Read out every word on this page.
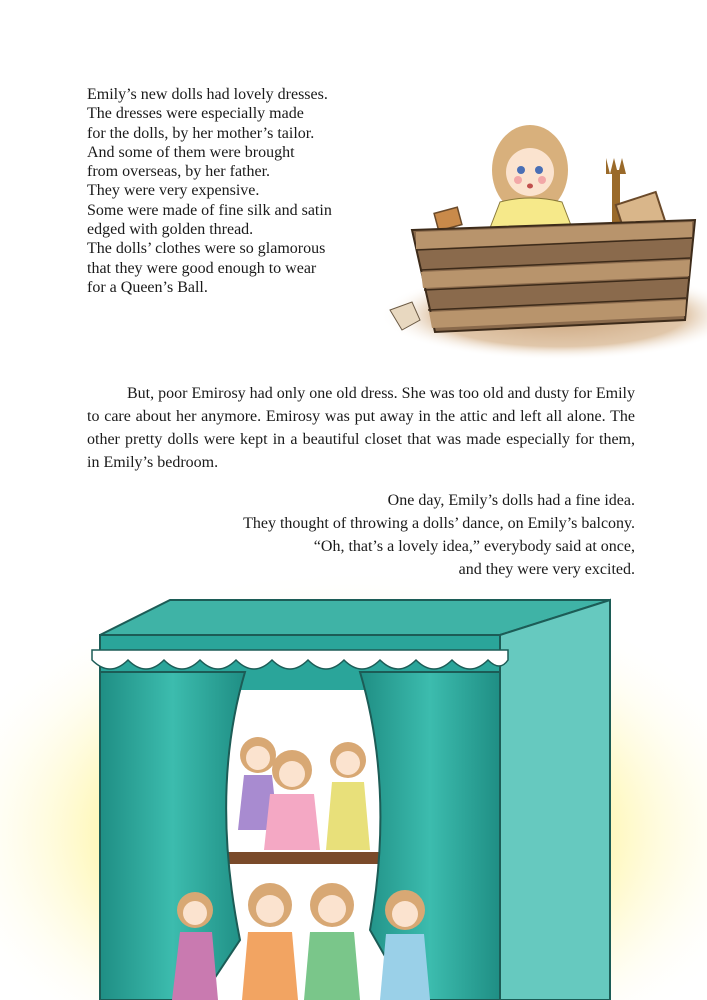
Emily’s new dolls had lovely dresses.
The dresses were especially made
for the dolls, by her mother’s tailor.
And some of them were brought
from overseas, by her father.
They were very expensive.
Some were made of fine silk and satin
edged with golden thread.
The dolls’ clothes were so glamorous
that they were good enough to wear
for a Queen’s Ball.

But, poor Emirosy had only one old dress. She was too old and dusty for Emily to care about her anymore. Emirosy was put away in the attic and left all alone. The other pretty dolls were kept in a beautiful closet that was made especially for them, in Emily’s bedroom.

One day, Emily’s dolls had a fine idea.
They thought of throwing a dolls’ dance, on Emily’s balcony.
“Oh, that’s a lovely idea,” everybody said at once,
